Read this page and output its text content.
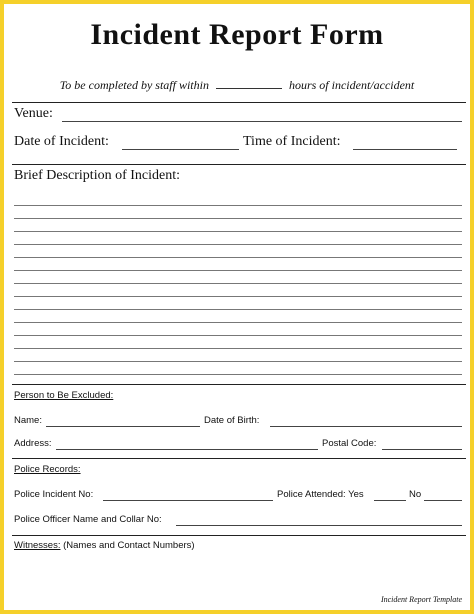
Incident Report Form
To be completed by staff within	hours of incident/accident
Venue:
Date of Incident:	Time of Incident:
Brief Description of Incident:
Person to Be Excluded:
Name:	Date of Birth:
Address:	Postal Code:
Police Records:
Police Incident No:	Police Attended: Yes	No
Police Officer Name and Collar No:
Witnesses: (Names and Contact Numbers)
Incident Report Template
